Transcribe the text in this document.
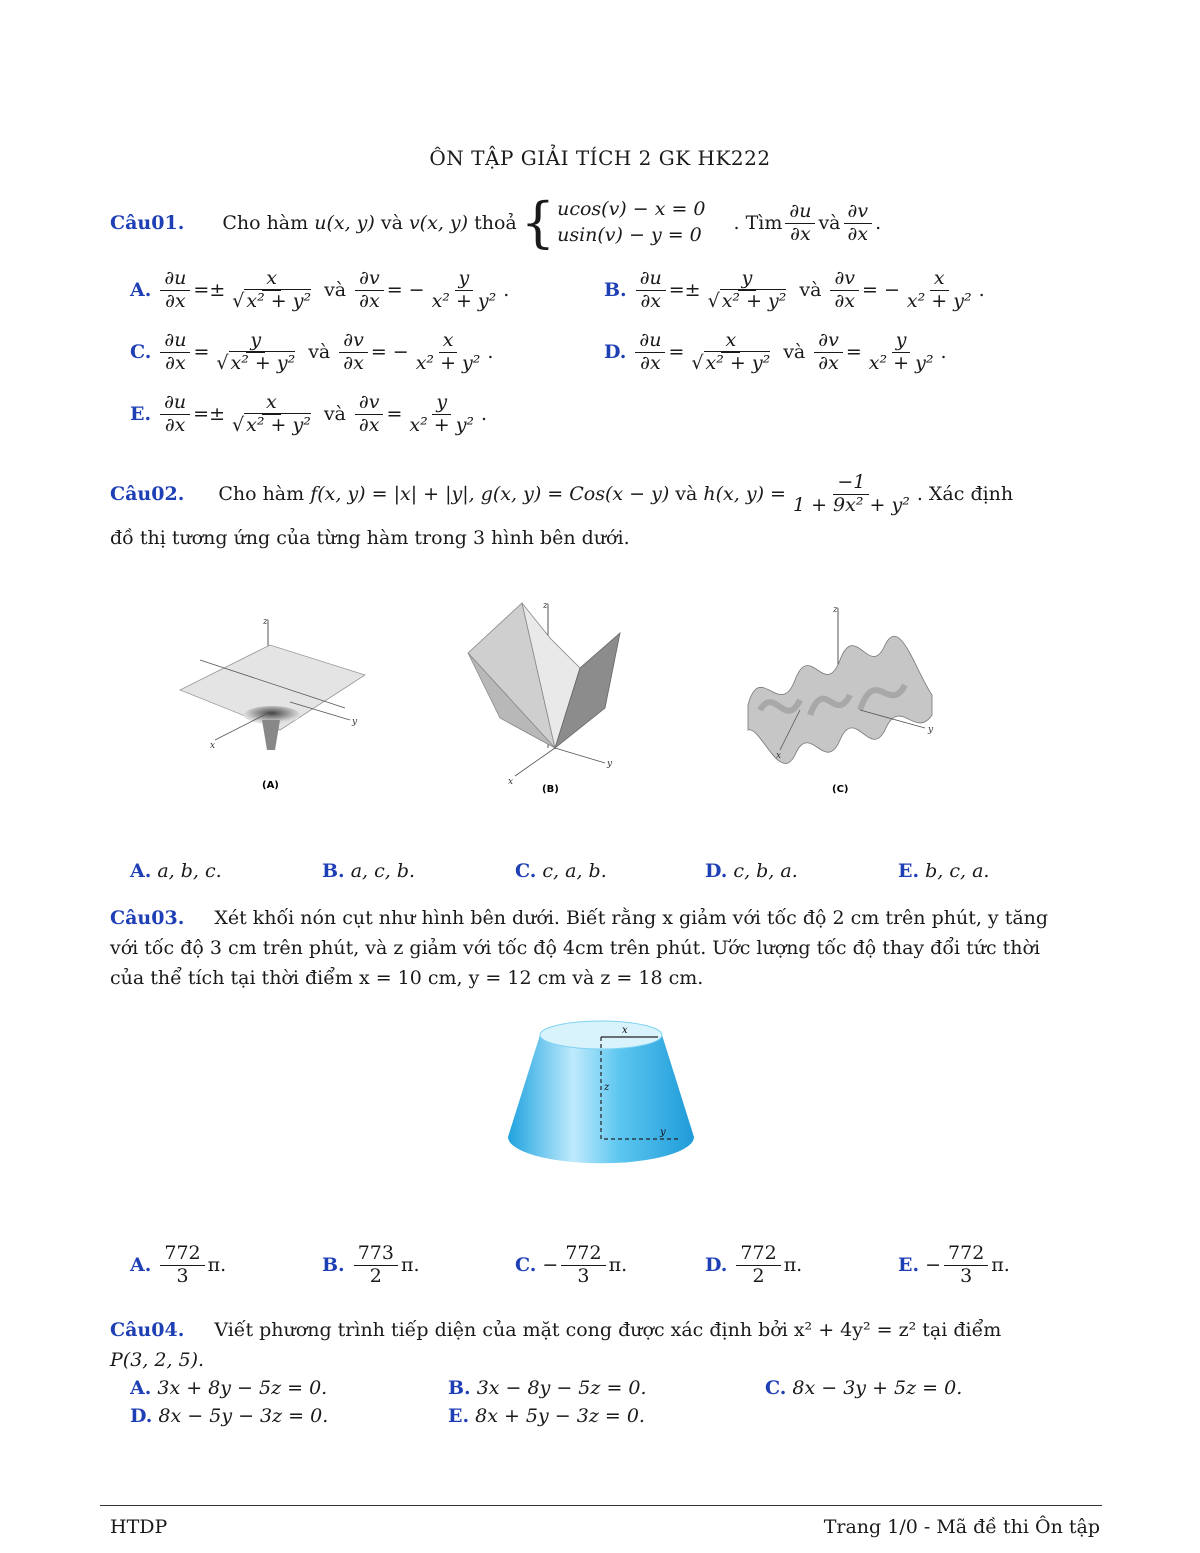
ÔN TẬP GIẢI TÍCH 2 GK HK222
Câu01. Cho hàm
u(x, y)
và
v(x, y)
thoả { ucos(v) − x = 0
usin(v) − y = 0
. Tìm $\frac{\partial u}{\partial x}$ và $\frac{\partial v}{\partial x}$ .
A. $\frac{\partial u}{\partial x} =\pm \frac{x}{\text{√ x² + y²}}$ và $\frac{\partial v}{\partial x}$ = − $\frac{y}{\text{x² + y²}}$ .	B. $\frac{\partial u}{\partial x} =\pm \frac{y}{\text{√ x² + y²}}$ và $\frac{\partial v}{\partial x}$ = − $\frac{x}{\text{x² + y²}}$ .
C. $\frac{\partial u}{\partial x} = \frac{y}{\text{√ x² + y²}}$ và $\frac{\partial v}{\partial x}$ = − $\frac{x}{\text{x² + y²}}$ .	D. $\frac{\partial u}{\partial x} = \frac{x}{\text{√ x² + y²}}$ và $\frac{\partial v}{\partial x} = \frac{y}{\text{x² + y²}}$ .
E. $\frac{\partial u}{\partial x} =\pm \frac{x}{\text{√ x² + y²}}$ và $\frac{\partial v}{\partial x} = \frac{y}{\text{x² + y²}}$ .
Câu02. Cho hàm
f(x, y) = |x| + |y|, g(x, y) = Cos(x − y)
và
h(x, $y) = \frac{-1}{\text{1 + 9x² + y²}}$ . Xác định
đồ thị tương ứng của từng hàm trong 3 hình bên dưới.
z
x
y
(A)
z
x
y
(B)
z
x
y
(C)
A. a, b, c.	B. a, c, b.	C. c, a, b.	D. c, b, a.	E. b, c, a.
Câu03. Xét khối nón cụt như hình bên dưới. Biết rằng x giảm với tốc độ 2 cm trên phút, y tăng
với tốc độ 3 cm trên phút, và z giảm với tốc độ 4cm trên phút. Ước lượng tốc độ thay đổi tức thời
của thể tích tại thời điểm x = 10 cm, y = 12 cm và z = 18 cm.
x
z
y
A. $\frac{772}{3} \pi$.	B. $\frac{773}{2} \pi$.	C. − $\frac{772}{3} \pi$.	D. $\frac{772}{2} \pi$.	E. − $\frac{772}{3} \pi$.
Câu04. Viết phương trình tiếp diện của mặt cong được xác định bởi x² + 4y² = z² tại điểm
P(3, 2, 5).
A. 3x + 8y − 5z = 0.	B. 3x − 8y − 5z = 0.	C. 8x − 3y + 5z = 0.
D. 8x − 5y − 3z = 0.	E. 8x + 5y − 3z = 0.
HTDP	Trang 1/0 - Mã đề thi Ôn tập
